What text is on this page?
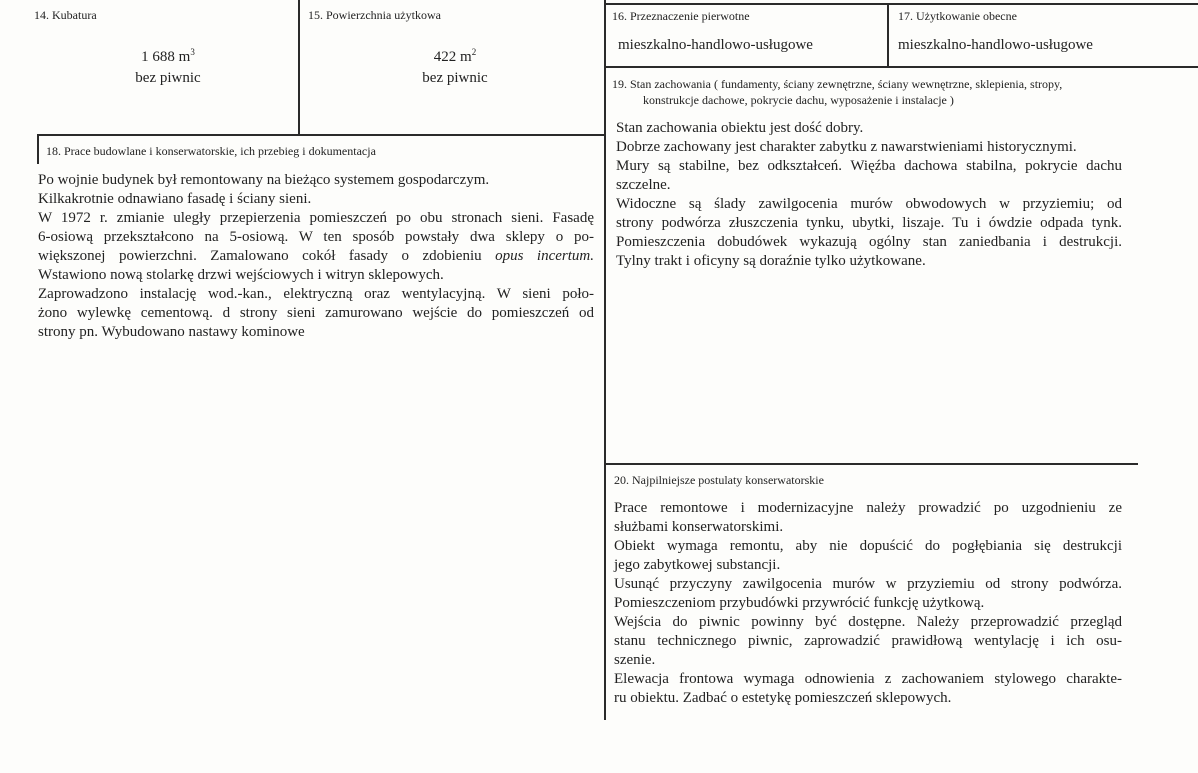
14. Kubatura
1 688 $m^3$
bez piwnic
15. Powierzchnia użytkowa
422 $m^2$
bez piwnic
16. Przeznaczenie pierwotne
mieszkalno-handlowo-usługowe
17. Użytkowanie obecne
mieszkalno-handlowo-usługowe
19. Stan zachowania ( fundamenty, ściany zewnętrzne, ściany wewnętrzne, sklepienia, stropy,
konstrukcje dachowe, pokrycie dachu, wyposażenie i instalacje )
18. Prace budowlane i konserwatorskie, ich przebieg i dokumentacja
Po wojnie budynek był remontowany na bieżąco systemem gospodarczym.
Kilkakrotnie odnawiano fasadę i ściany sieni.
W 1972 r. zmianie uległy przepierzenia pomieszczeń po obu stronach sieni. Fasadę
6-osiową przekształcono na 5-osiową. W ten sposób powstały dwa sklepy o po-
większonej powierzchni. Zamalowano cokół fasady o zdobieniu opus incertum.
Wstawiono nową stolarkę drzwi wejściowych i witryn sklepowych.
Zaprowadzono instalację wod.-kan., elektryczną oraz wentylacyjną. W sieni poło-
żono wylewkę cementową. d strony sieni zamurowano wejście do pomieszczeń od
strony pn. Wybudowano nastawy kominowe
Stan zachowania obiektu jest dość dobry.
Dobrze zachowany jest charakter zabytku z nawarstwieniami historycznymi.
Mury są stabilne, bez odkształceń. Więźba dachowa stabilna, pokrycie dachu
szczelne.
Widoczne są ślady zawilgocenia murów obwodowych w przyziemiu; od
strony podwórza złuszczenia tynku, ubytki, liszaje. Tu i ówdzie odpada tynk.
Pomieszczenia dobudówek wykazują ogólny stan zaniedbania i destrukcji.
Tylny trakt i oficyny są doraźnie tylko użytkowane.
20. Najpilniejsze postulaty konserwatorskie
Prace remontowe i modernizacyjne należy prowadzić po uzgodnieniu ze
służbami konserwatorskimi.
Obiekt wymaga remontu, aby nie dopuścić do pogłębiania się destrukcji
jego zabytkowej substancji.
Usunąć przyczyny zawilgocenia murów w przyziemiu od strony podwórza.
Pomieszczeniom przybudówki przywrócić funkcję użytkową.
Wejścia do piwnic powinny być dostępne. Należy przeprowadzić przegląd
stanu technicznego piwnic, zaprowadzić prawidłową wentylację i ich osu-
szenie.
Elewacja frontowa wymaga odnowienia z zachowaniem stylowego charakte-
ru obiektu. Zadbać o estetykę pomieszczeń sklepowych.
